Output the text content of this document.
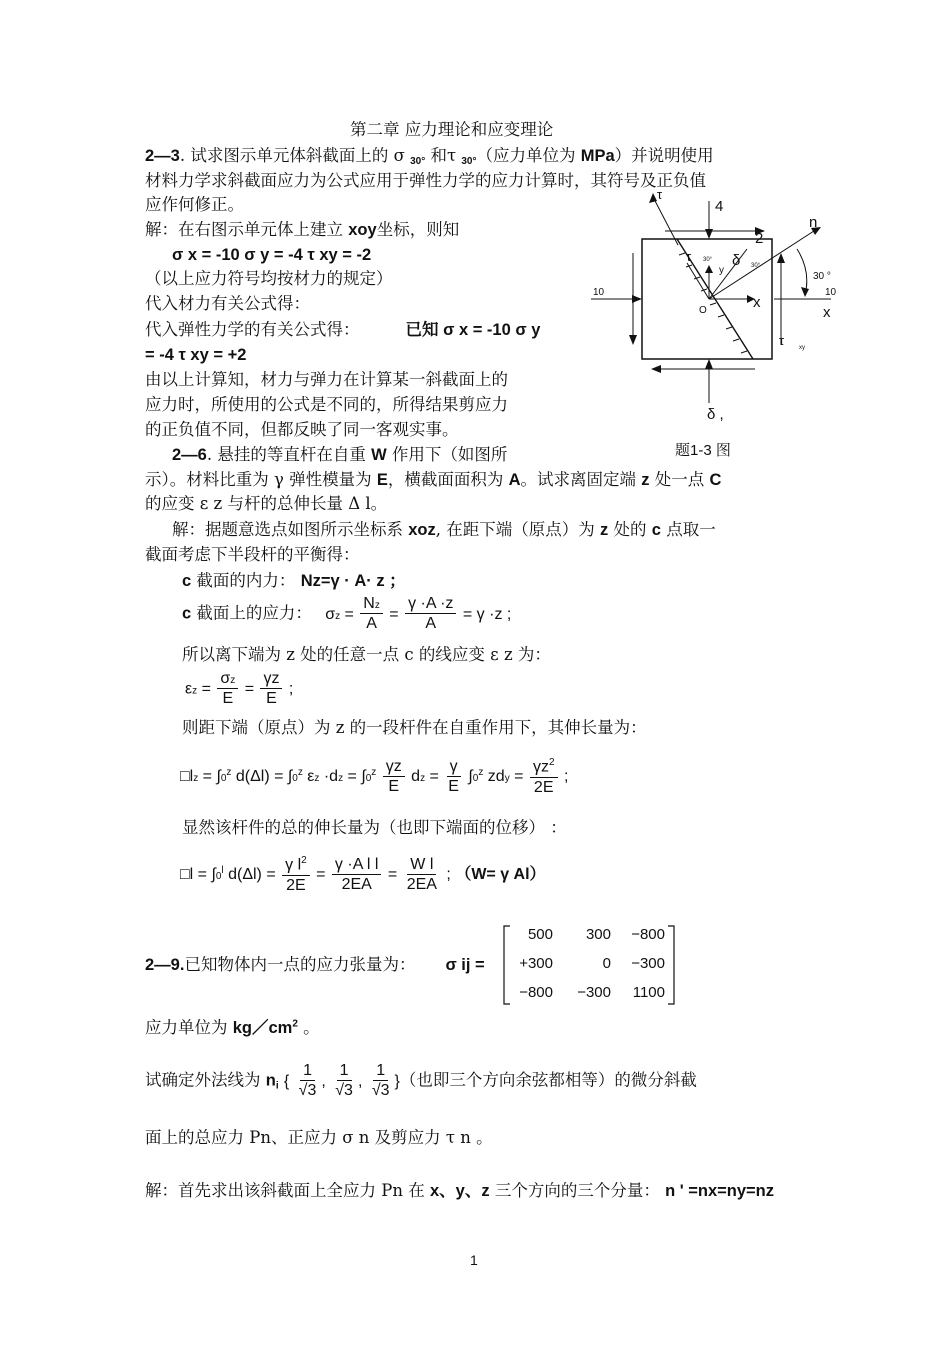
第二章 应力理论和应变理论
2—3. 试求图示单元体斜截面上的 σ $_{30^\circ}$ 和τ $_{30^\circ}$（应力单位为 MPa）并说明使用
材料力学求斜截面应力为公式应用于弹性力学的应力计算时，其符号及正负值
应作何修正。
解：在右图示单元体上建立 xoy坐标，则知
σ x = -10 σ y = -4 τ xy = -2
（以上应力符号均按材力的规定）
代入材力有关公式得：
代入弹性力学的有关公式得：	已知 σ x = -10 σ y
= -4 τ xy = +2
由以上计算知，材力与弹力在计算某一斜截面上的
应力时，所使用的公式是不同的，所得结果剪应力
的正负值不同，但都反映了同一客观实事。
τ
4
2
n
τ 30°
y
δ 30°
30 °
10
x
O
10
x
τ xy
δ ,
题1-3 图
2—6. 悬挂的等直杆在自重 W 作用下（如图所
示）。材料比重为 γ 弹性模量为 E，横截面面积为 A。试求离固定端 z 处一点 C
的应变 ε z 与杆的总伸长量 Δ l。
解：据题意选点如图所示坐标系 xoz, 在距下端（原点）为 z 处的 c 点取一
截面考虑下半段杆的平衡得：
c 截面的内力： Nz=γ · A· z ；
c 截面上的应力： $\sigma z = \frac{Nz}{A} = \frac{\gamma \cdot A \cdot z}{A} = \gamma \cdot z$ ;
所以离下端为 z 处的任意一点 c 的线应变 ε z 为：
$\varepsilon z = \frac{\sigma z}{E} = \frac{\gamma z}{E}$ ;
则距下端（原点）为 z 的一段杆件在自重作用下，其伸长量为：
□lz = $\int 0^z$ $d(\Delta l) = \int 0^z$ $\varepsilon z \cdot dz = \int 0^z \frac{\gamma z}{E}$ dz = $\frac{\gamma}{E} \int 0^z$ zdy = $\frac{\gamma z^2}{2E}$ ;
显然该杆件的总的伸长量为（也即下端面的位移） ：
□l = $\int 0^l$ $d(\Delta l) = \frac{\gamma l^2}{2E} = \frac{\text{γ ·A l l}}{2EA} = \frac{\text{W l}}{2EA}$ ; （W= γ Al）
2—9.已知物体内一点的应力张量为： σ ij =
500	300	−800
+300	0	−300
−800	−300	1100
应力单位为 $kg/cm^2$ 。
试确定外法线为 $n_i$ { $\frac{1}{√3}$ , $\frac{1}{√3}$ , $\frac{1}{√3}$ }（也即三个方向余弦都相等）的微分斜截
面上的总应力 Pn、正应力 σ n 及剪应力 τ n 。
解：首先求出该斜截面上全应力 Pn 在 x、y、z 三个方向的三个分量： n ' =nx=ny=nz
1
